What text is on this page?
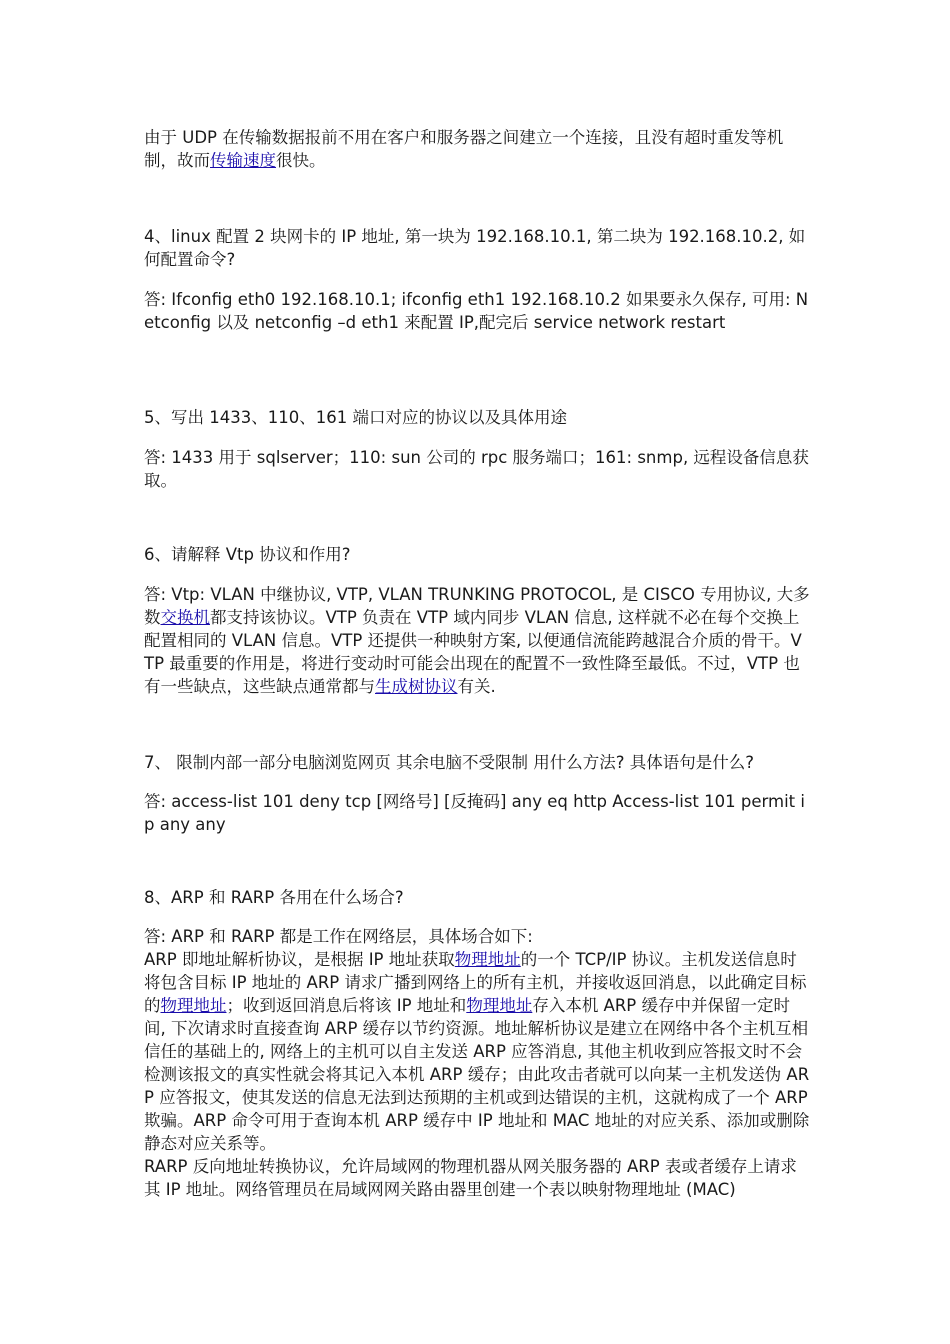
由于 UDP 在传输数据报前不用在客户和服务器之间建立一个连接，且没有超时重发等机制，故而传输速度很快。

4、linux 配置 2 块网卡的 IP 地址, 第一块为 192.168.10.1, 第二块为 192.168.10.2, 如何配置命令?

答: Ifconfig eth0 192.168.10.1; ifconfig eth1 192.168.10.2 如果要永久保存, 可用: Netconfig 以及 netconfig –d eth1 来配置 IP,配完后 service network restart

5、写出 1433、110、161 端口对应的协议以及具体用途

答: 1433 用于 sqlserver；110: sun 公司的 rpc 服务端口；161: snmp, 远程设备信息获取。

6、请解释 Vtp 协议和作用?

答: Vtp: VLAN 中继协议, VTP, VLAN TRUNKING PROTOCOL, 是 CISCO 专用协议, 大多数交换机都支持该协议。VTP 负责在 VTP 域内同步 VLAN 信息, 这样就不必在每个交换上配置相同的 VLAN 信息。VTP 还提供一种映射方案, 以便通信流能跨越混合介质的骨干。VTP 最重要的作用是，将进行变动时可能会出现在的配置不一致性降至最低。不过，VTP 也有一些缺点，这些缺点通常都与生成树协议有关.

7、 限制内部一部分电脑浏览网页 其余电脑不受限制 用什么方法? 具体语句是什么?

答: access-list 101 deny tcp [网络号] [反掩码] any eq http Access-list 101 permit ip any any

8、ARP 和 RARP 各用在什么场合?

答: ARP 和 RARP 都是工作在网络层，具体场合如下:

ARP 即地址解析协议，是根据 IP 地址获取物理地址的一个 TCP/IP 协议。主机发送信息时将包含目标 IP 地址的 ARP 请求广播到网络上的所有主机，并接收返回消息，以此确定目标的物理地址；收到返回消息后将该 IP 地址和物理地址存入本机 ARP 缓存中并保留一定时间, 下次请求时直接查询 ARP 缓存以节约资源。地址解析协议是建立在网络中各个主机互相信任的基础上的, 网络上的主机可以自主发送 ARP 应答消息, 其他主机收到应答报文时不会检测该报文的真实性就会将其记入本机 ARP 缓存；由此攻击者就可以向某一主机发送伪 ARP 应答报文，使其发送的信息无法到达预期的主机或到达错误的主机，这就构成了一个 ARP 欺骗。ARP 命令可用于查询本机 ARP 缓存中 IP 地址和 MAC 地址的对应关系、添加或删除静态对应关系等。

RARP 反向地址转换协议，允许局域网的物理机器从网关服务器的 ARP 表或者缓存上请求其 IP 地址。网络管理员在局域网网关路由器里创建一个表以映射物理地址 (MAC)
